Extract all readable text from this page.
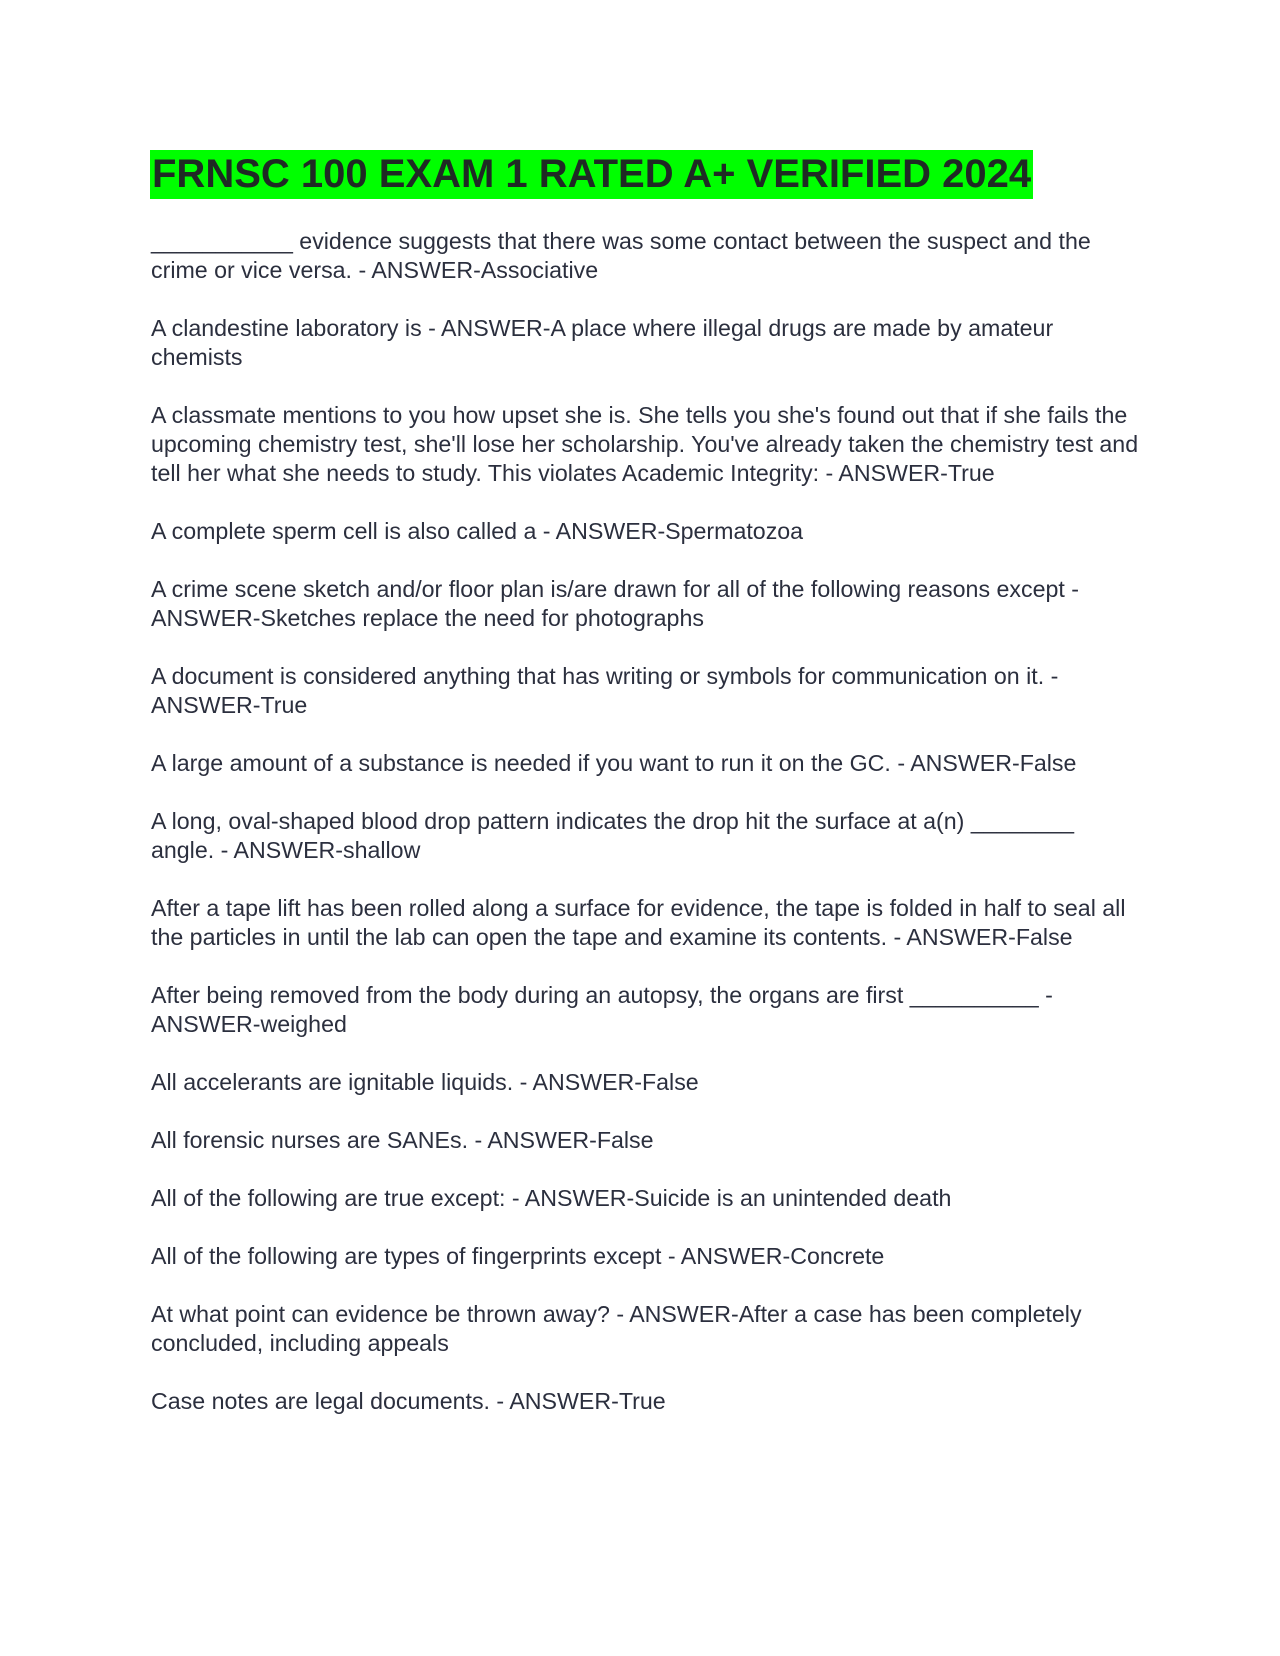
FRNSC 100 EXAM 1 RATED A+ VERIFIED 2024
___________ evidence suggests that there was some contact between the suspect and the crime or vice versa. - ANSWER-Associative
A clandestine laboratory is - ANSWER-A place where illegal drugs are made by amateur chemists
A classmate mentions to you how upset she is. She tells you she's found out that if she fails the upcoming chemistry test, she'll lose her scholarship. You've already taken the chemistry test and tell her what she needs to study. This violates Academic Integrity: - ANSWER-True
A complete sperm cell is also called a - ANSWER-Spermatozoa
A crime scene sketch and/or floor plan is/are drawn for all of the following reasons except - ANSWER-Sketches replace the need for photographs
A document is considered anything that has writing or symbols for communication on it. - ANSWER-True
A large amount of a substance is needed if you want to run it on the GC. - ANSWER-False
A long, oval-shaped blood drop pattern indicates the drop hit the surface at a(n) ________ angle. - ANSWER-shallow
After a tape lift has been rolled along a surface for evidence, the tape is folded in half to seal all the particles in until the lab can open the tape and examine its contents. - ANSWER-False
After being removed from the body during an autopsy, the organs are first __________ - ANSWER-weighed
All accelerants are ignitable liquids. - ANSWER-False
All forensic nurses are SANEs. - ANSWER-False
All of the following are true except: - ANSWER-Suicide is an unintended death
All of the following are types of fingerprints except - ANSWER-Concrete
At what point can evidence be thrown away? - ANSWER-After a case has been completely concluded, including appeals
Case notes are legal documents. - ANSWER-True
